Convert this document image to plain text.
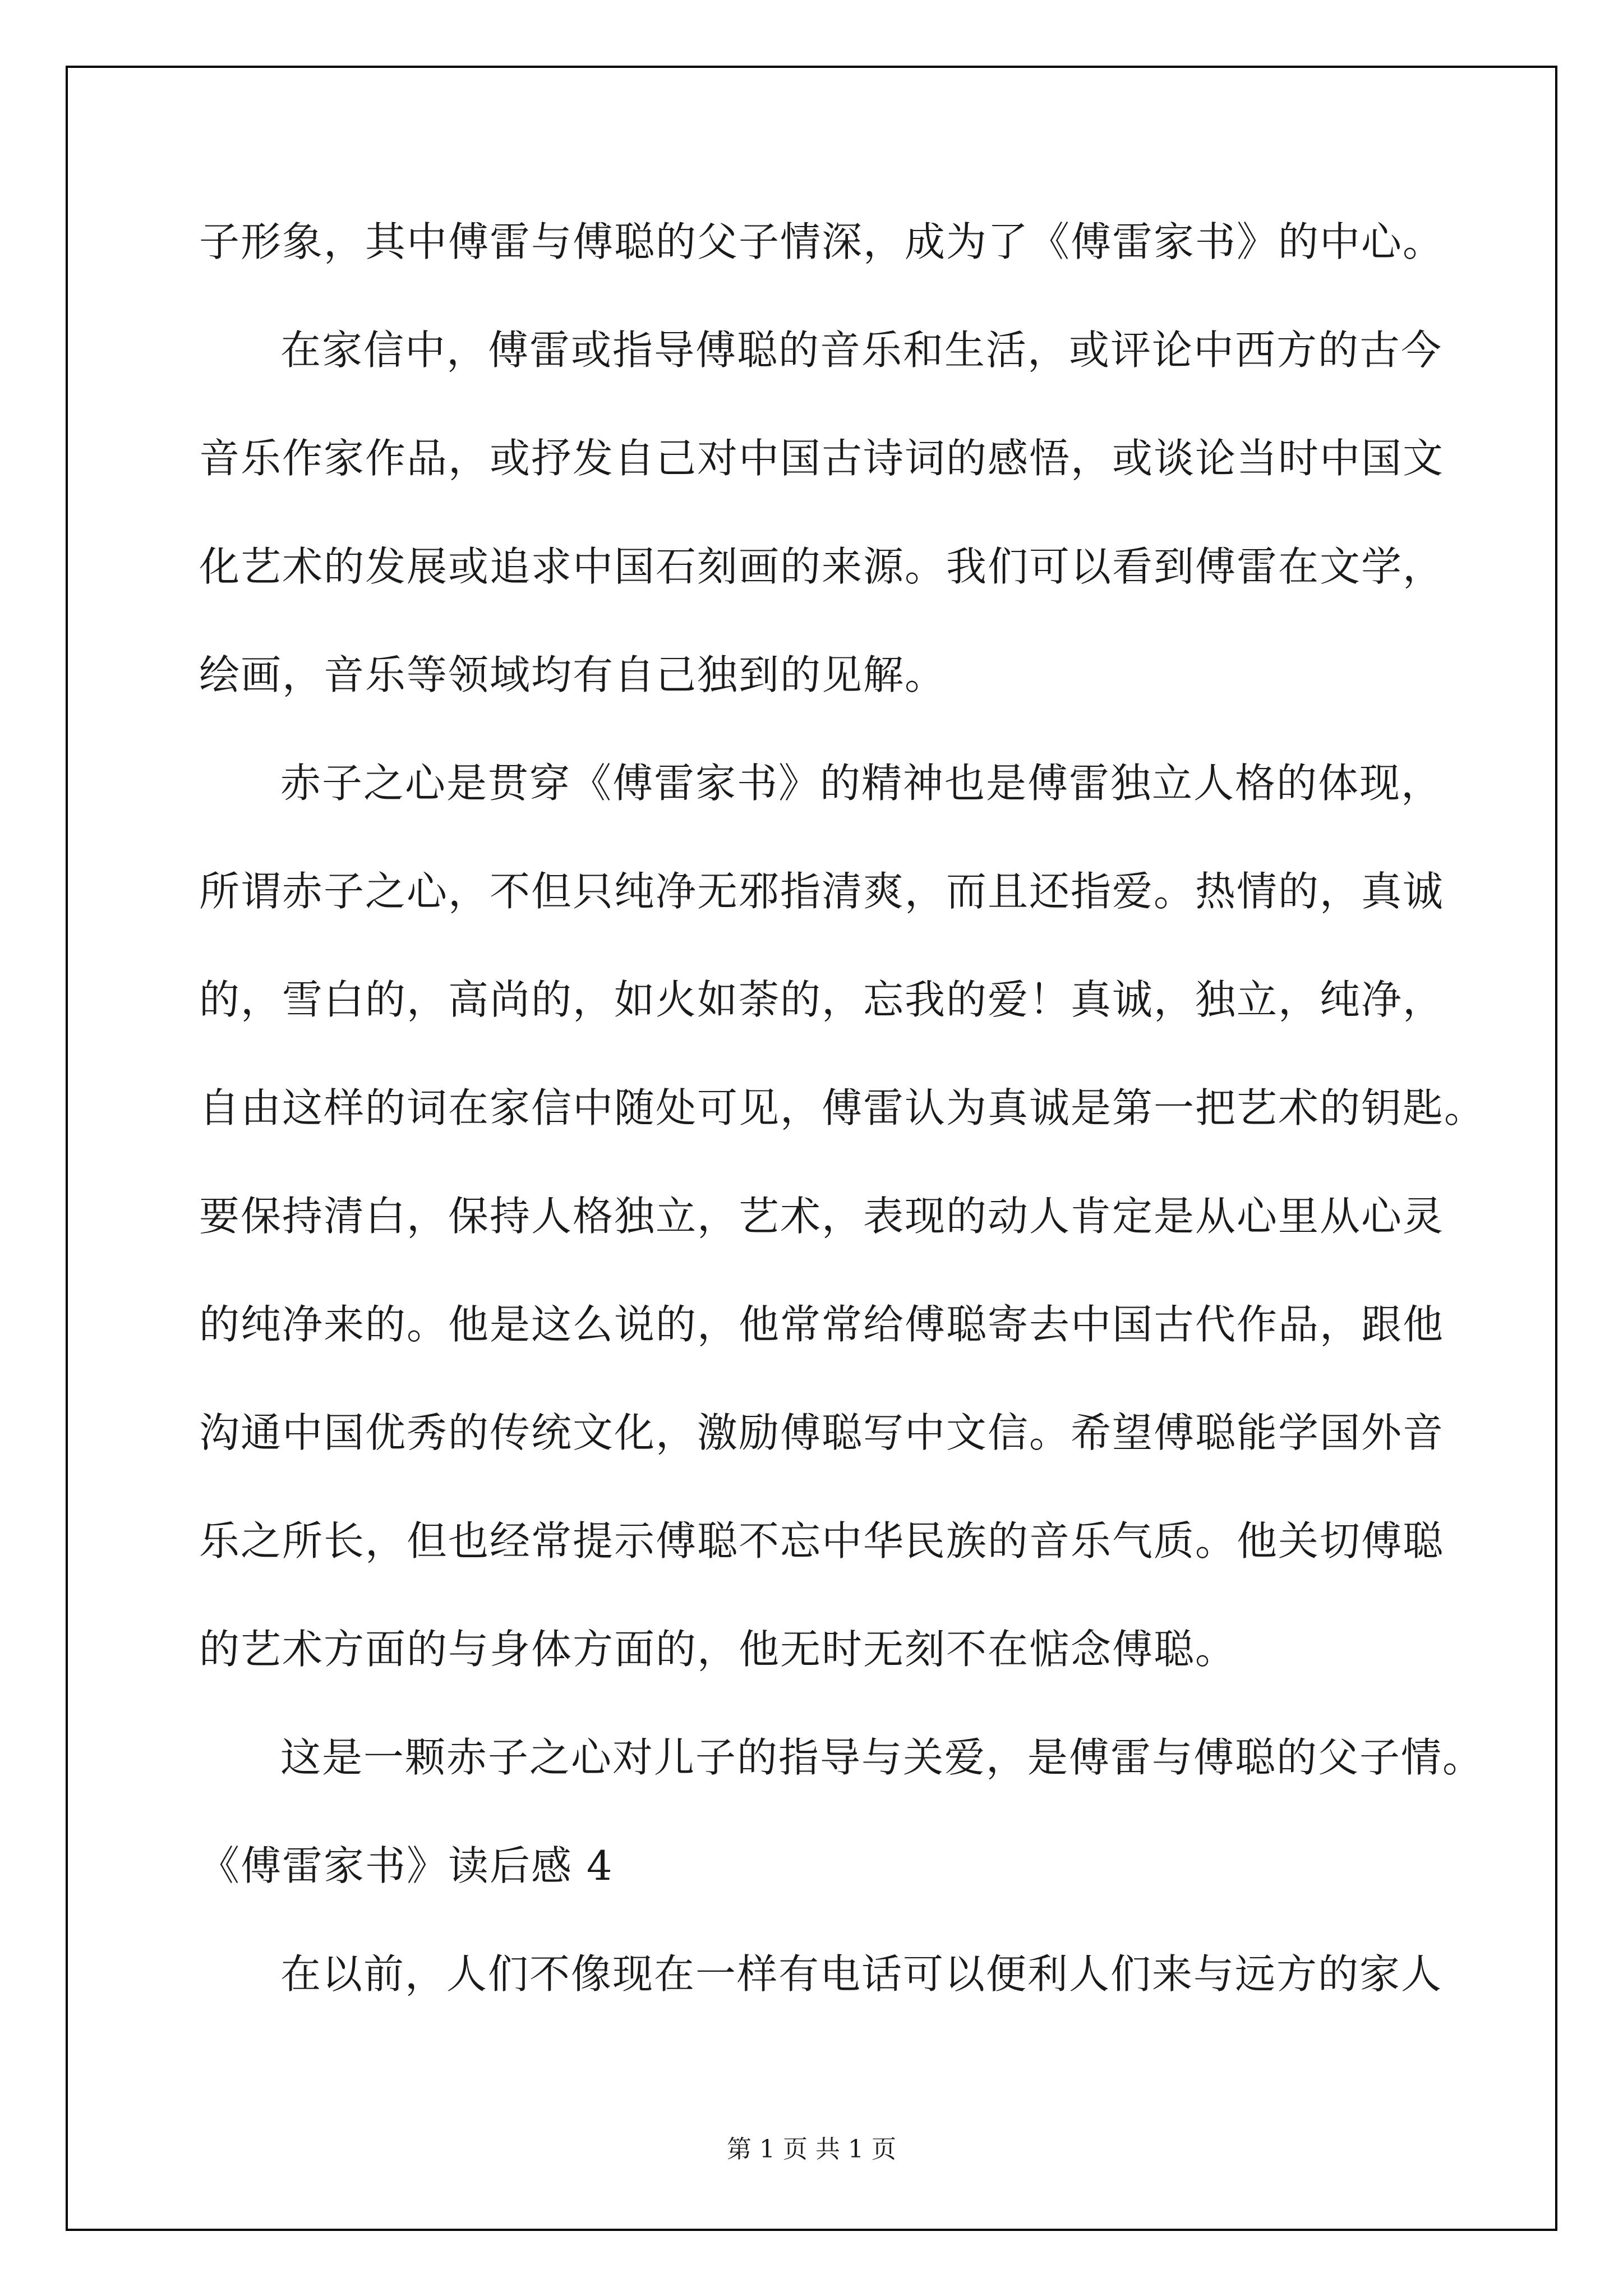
子形象，其中傅雷与傅聪的父子情深，成为了《傅雷家书》的中心。
在家信中，傅雷或指导傅聪的音乐和生活，或评论中西方的古今
音乐作家作品，或抒发自己对中国古诗词的感悟，或谈论当时中国文
化艺术的发展或追求中国石刻画的来源。我们可以看到傅雷在文学，
绘画，音乐等领域均有自己独到的见解。
赤子之心是贯穿《傅雷家书》的精神也是傅雷独立人格的体现，
所谓赤子之心，不但只纯净无邪指清爽，而且还指爱。热情的，真诚
的，雪白的，高尚的，如火如荼的，忘我的爱！真诚，独立，纯净，
自由这样的词在家信中随处可见，傅雷认为真诚是第一把艺术的钥匙。
要保持清白，保持人格独立，艺术，表现的动人肯定是从心里从心灵
的纯净来的。他是这么说的，他常常给傅聪寄去中国古代作品，跟他
沟通中国优秀的传统文化，激励傅聪写中文信。希望傅聪能学国外音
乐之所长，但也经常提示傅聪不忘中华民族的音乐气质。他关切傅聪
的艺术方面的与身体方面的，他无时无刻不在惦念傅聪。
这是一颗赤子之心对儿子的指导与关爱，是傅雷与傅聪的父子情。
《傅雷家书》读后感 4
在以前，人们不像现在一样有电话可以便利人们来与远方的家人
第 1 页 共 1 页
